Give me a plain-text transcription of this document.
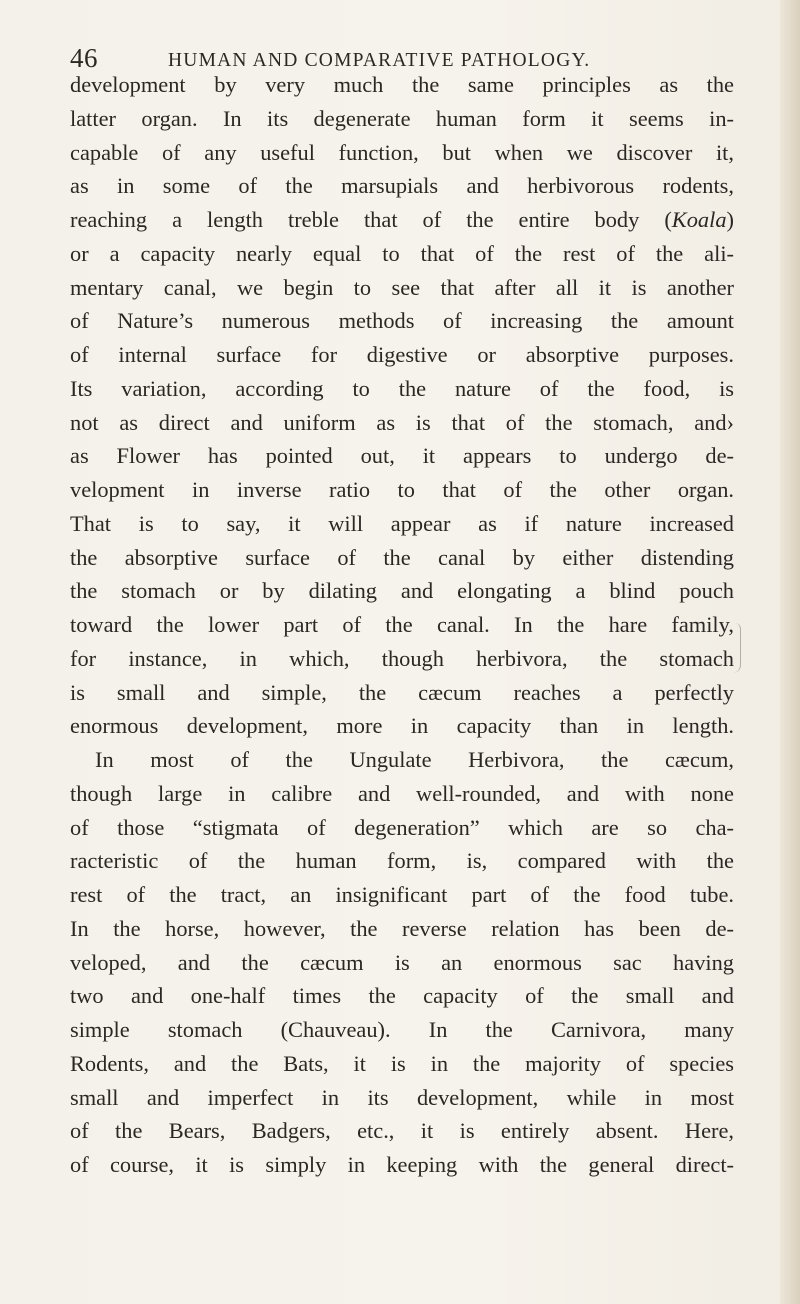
46	HUMAN AND COMPARATIVE PATHOLOGY.
development by very much the same principles as the
latter organ. In its degenerate human form it seems in-
capable of any useful function, but when we discover it,
as in some of the marsupials and herbivorous rodents,
reaching a length treble that of the entire body (Koala)
or a capacity nearly equal to that of the rest of the ali-
mentary canal, we begin to see that after all it is another
of Nature’s numerous methods of increasing the amount
of internal surface for digestive or absorptive purposes.
Its variation, according to the nature of the food, is
not as direct and uniform as is that of the stomach, and›
as Flower has pointed out, it appears to undergo de-
velopment in inverse ratio to that of the other organ.
That is to say, it will appear as if nature increased
the absorptive surface of the canal by either distending
the stomach or by dilating and elongating a blind pouch
toward the lower part of the canal. In the hare family,
for instance, in which, though herbivora, the stomach
is small and simple, the cæcum reaches a perfectly
enormous development, more in capacity than in length.
In most of the Ungulate Herbivora, the cæcum,
though large in calibre and well-rounded, and with none
of those “stigmata of degeneration” which are so cha-
racteristic of the human form, is, compared with the
rest of the tract, an insignificant part of the food tube.
In the horse, however, the reverse relation has been de-
veloped, and the cæcum is an enormous sac having
two and one-half times the capacity of the small and
simple stomach (Chauveau). In the Carnivora, many
Rodents, and the Bats, it is in the majority of species
small and imperfect in its development, while in most
of the Bears, Badgers, etc., it is entirely absent. Here,
of course, it is simply in keeping with the general direct-
